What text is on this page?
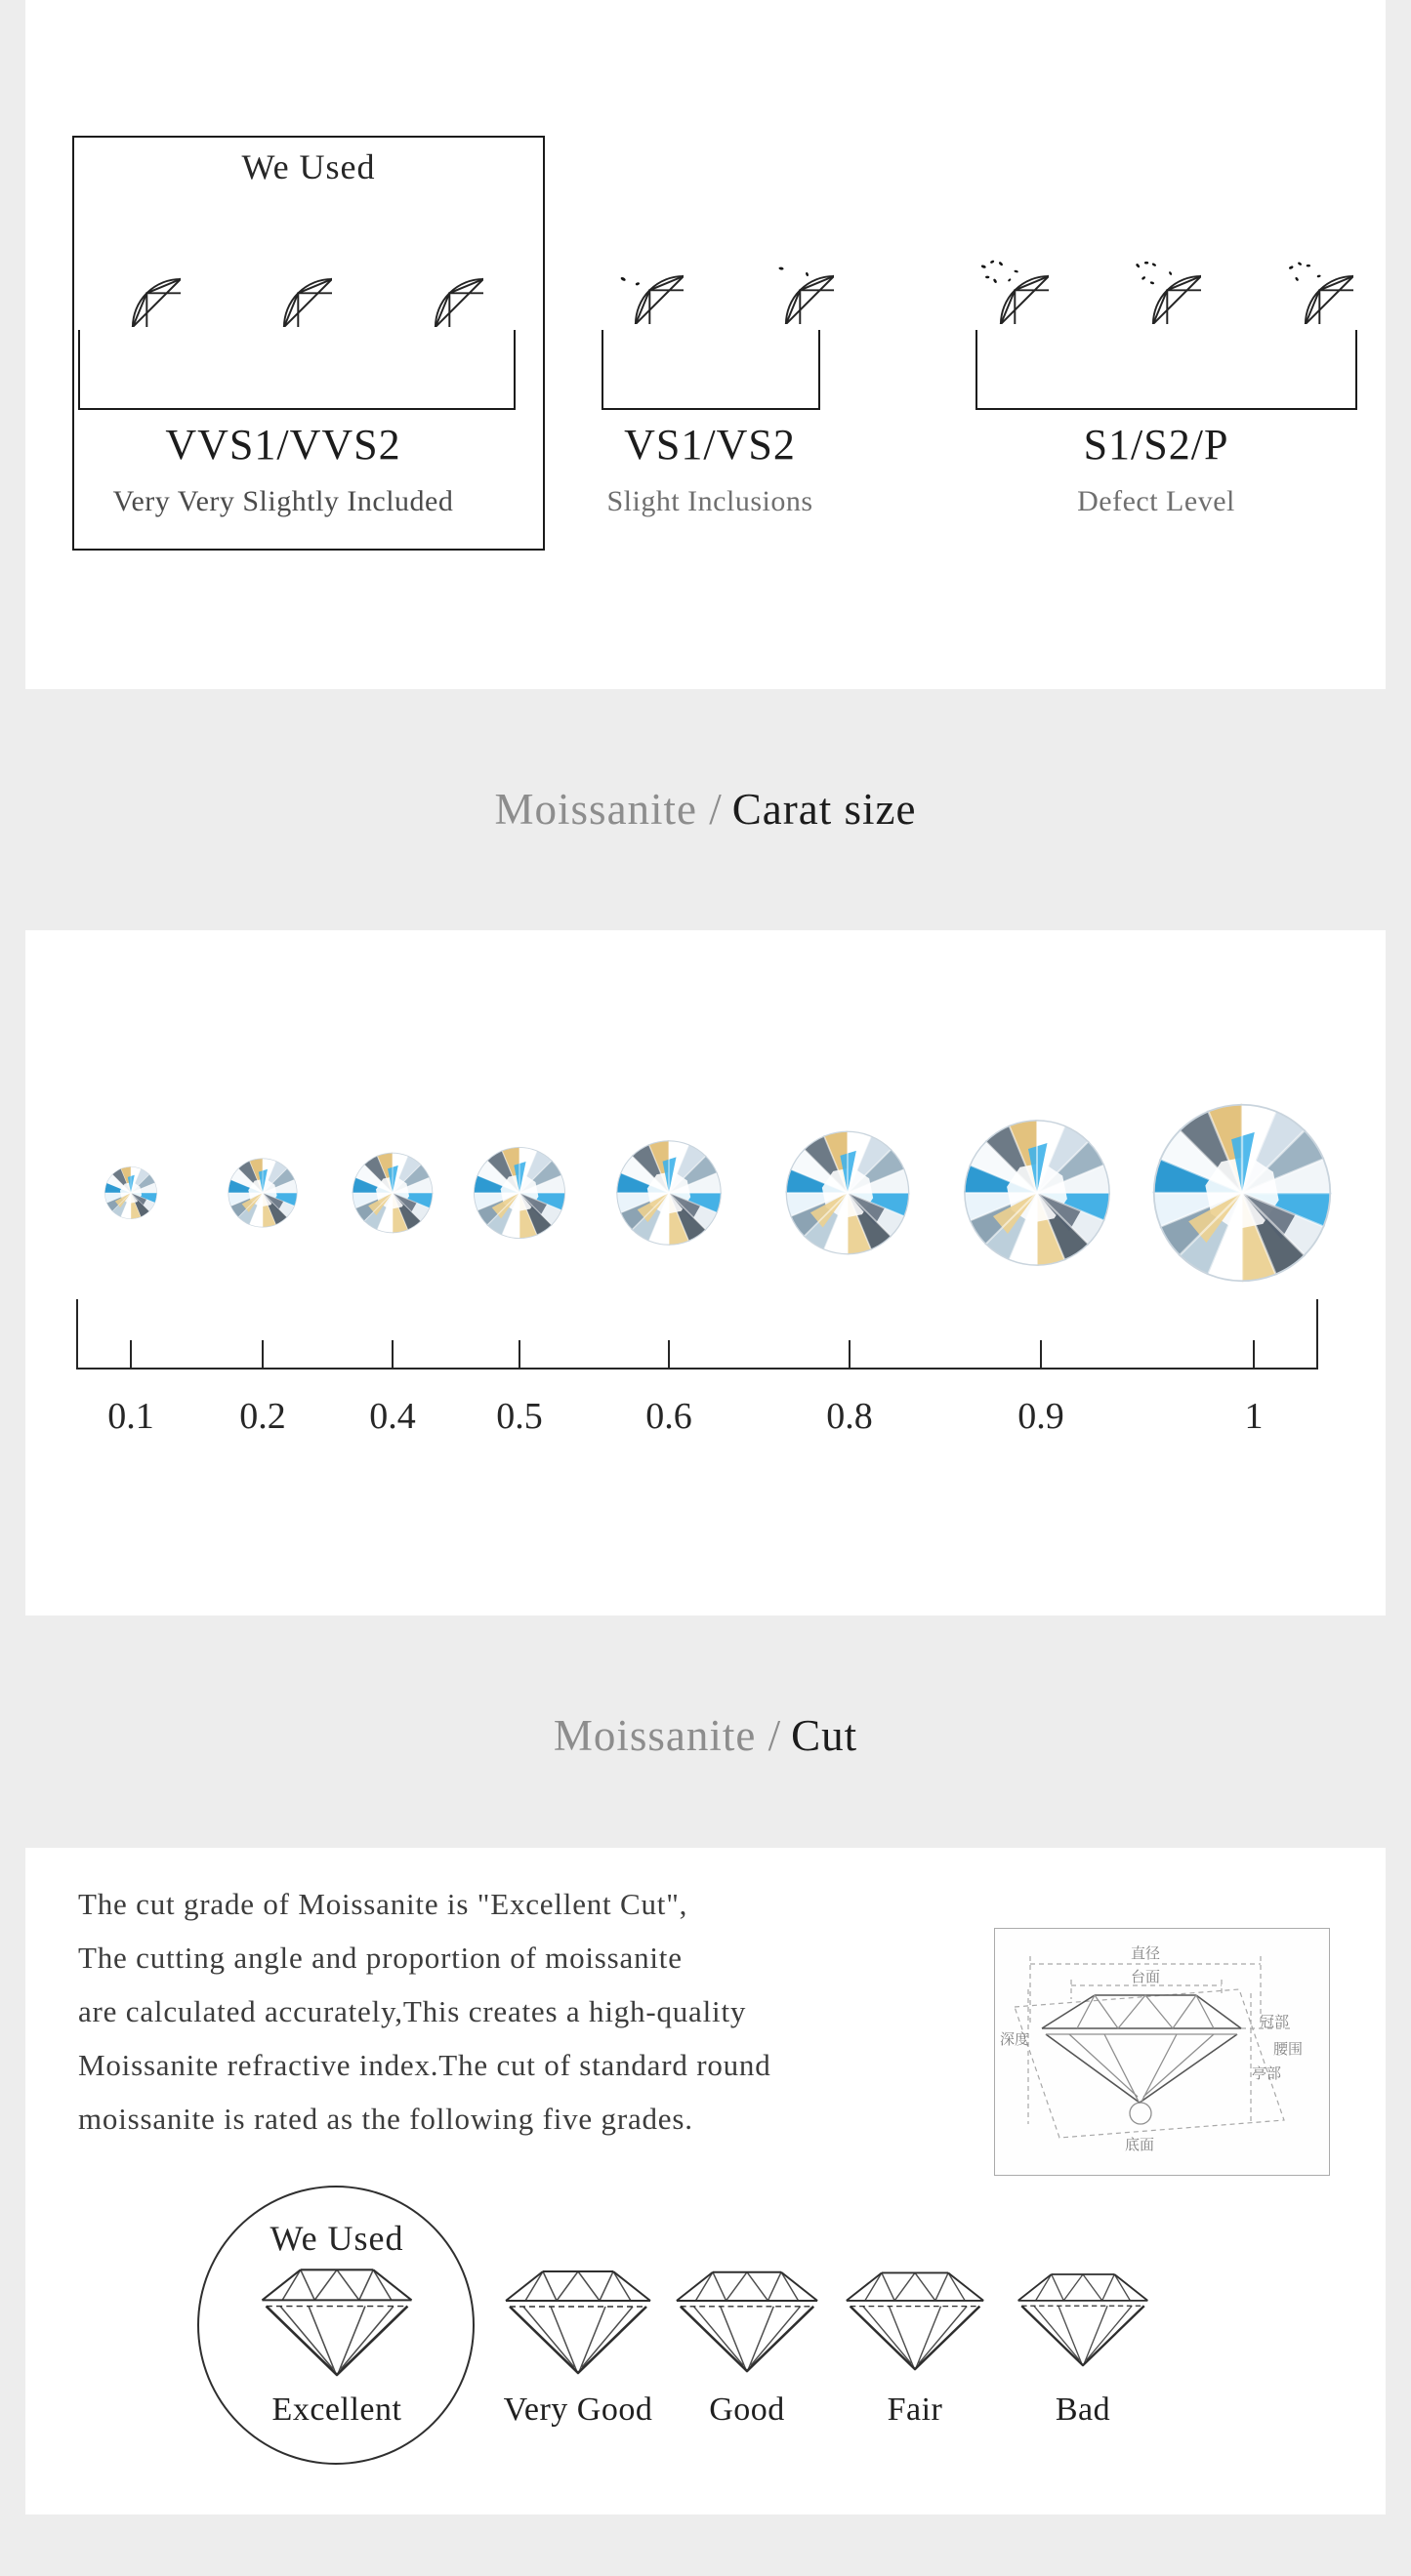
We Used
VVS1/VVS2
Very Very Slightly Included
VS1/VS2
Slight Inclusions
S1/S2/P
Defect Level
Moissanite / Carat size
0.1	0.2	0.4	0.5	0.6	0.8	0.9	1
Moissanite / Cut
The cut grade of Moissanite is "Excellent Cut",
The cutting angle and proportion of moissanite
are calculated accurately,This creates a high-quality
Moissanite refractive index.The cut of standard round
moissanite is rated as the following five grades.
直径
台面
冠部
腰围
亭部
深度
底面
We Used
Excellent	Very Good	Good	Fair	Bad
